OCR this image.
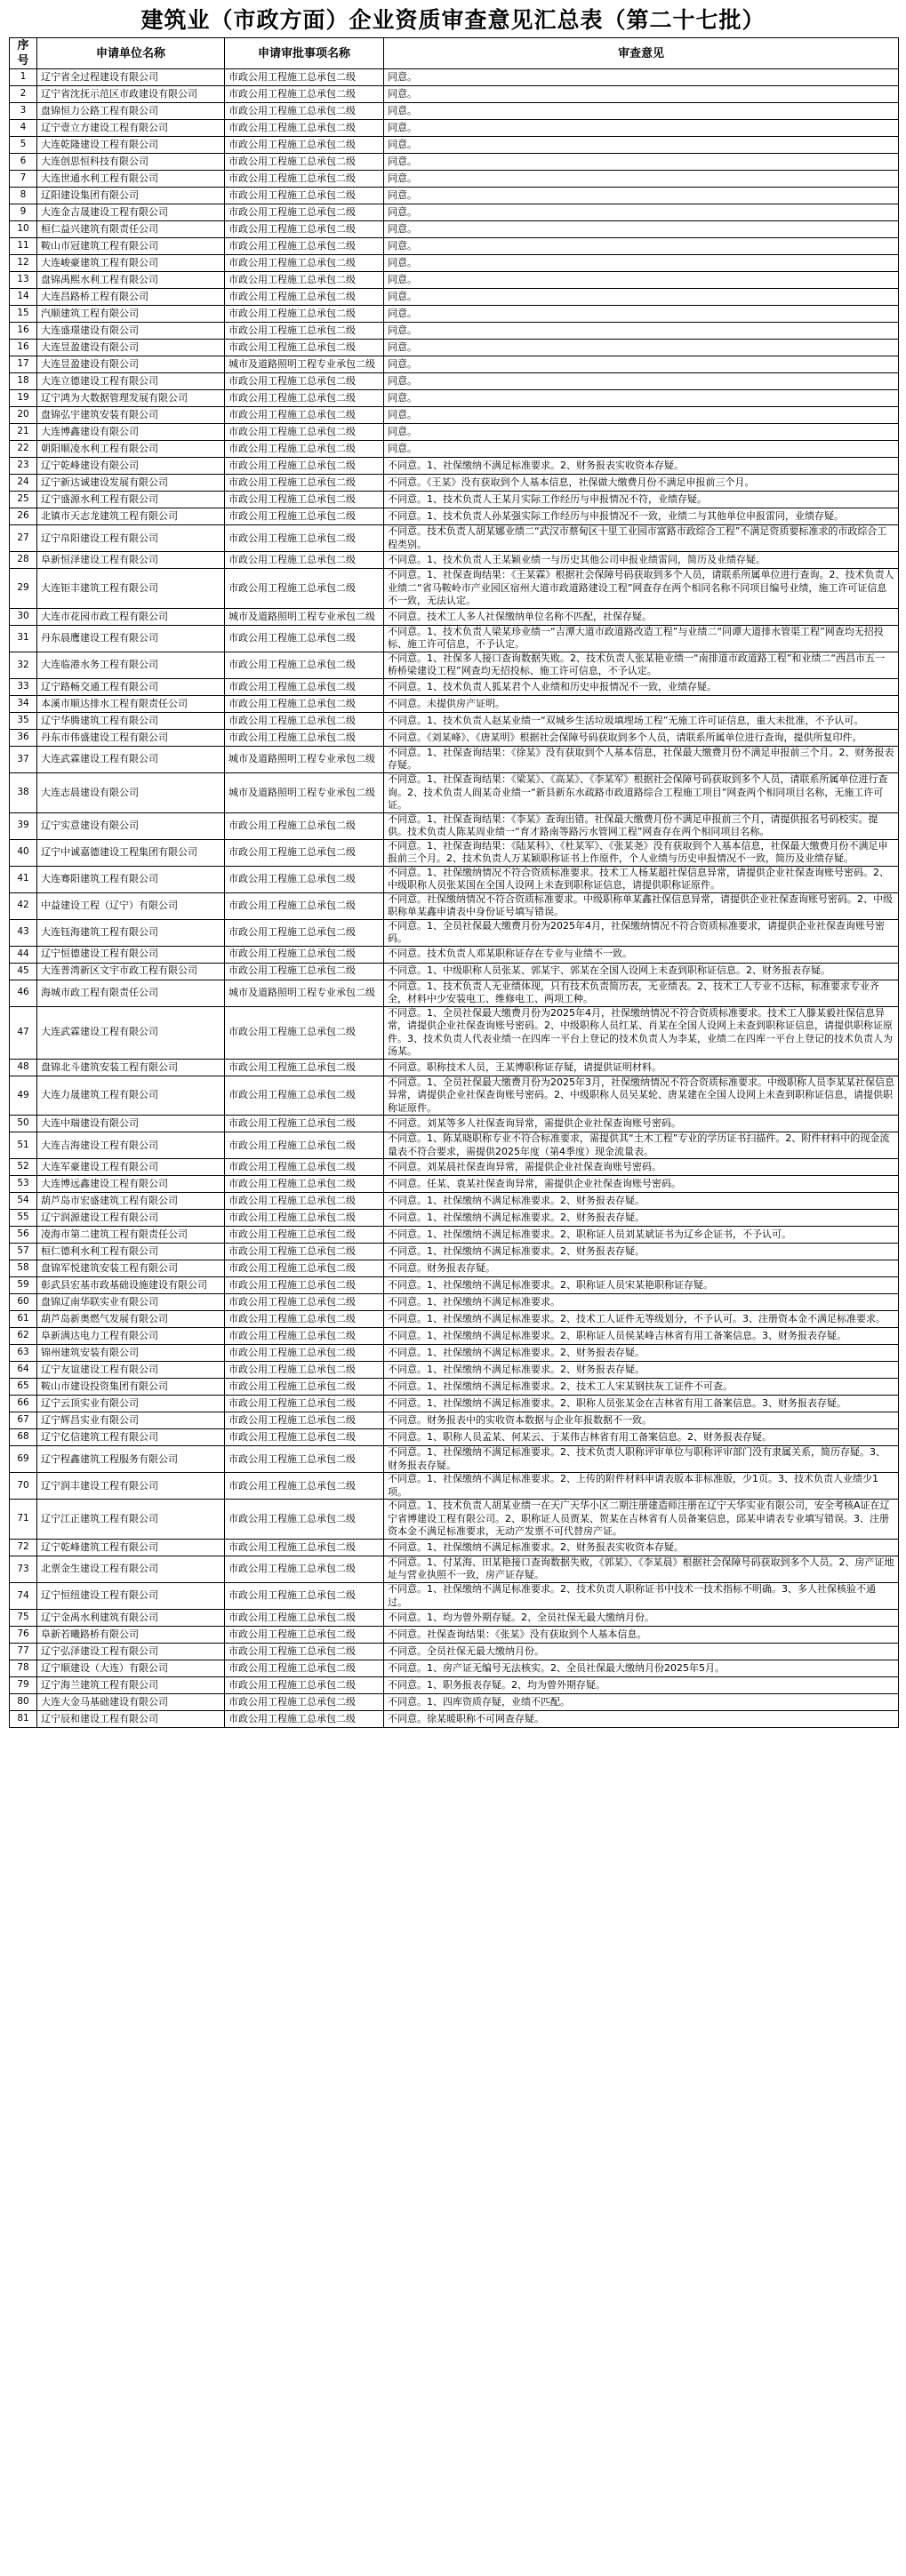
建筑业（市政方面）企业资质审查意见汇总表（第二十七批）
序号	申请单位名称	申请审批事项名称	审查意见
1	辽宁省全过程建设有限公司	市政公用工程施工总承包二级	同意。
2	辽宁省沈抚示范区市政建设有限公司	市政公用工程施工总承包二级	同意。
3	盘锦恒力公路工程有限公司	市政公用工程施工总承包二级	同意。
4	辽宁壹立方建设工程有限公司	市政公用工程施工总承包二级	同意。
5	大连乾隆建设工程有限公司	市政公用工程施工总承包二级	同意。
6	大连创思恒科技有限公司	市政公用工程施工总承包二级	同意。
7	大连世通水利工程有限公司	市政公用工程施工总承包二级	同意。
8	辽阳建设集团有限公司	市政公用工程施工总承包二级	同意。
9	大连金吉晟建设工程有限公司	市政公用工程施工总承包二级	同意。
10	桓仁益兴建筑有限责任公司	市政公用工程施工总承包二级	同意。
11	鞍山市冠建筑工程有限公司	市政公用工程施工总承包二级	同意。
12	大连峻豪建筑工程有限公司	市政公用工程施工总承包二级	同意。
13	盘锦禹熙水利工程有限公司	市政公用工程施工总承包二级	同意。
14	大连昌路桥工程有限公司	市政公用工程施工总承包二级	同意。
15	汽顺建筑工程有限公司	市政公用工程施工总承包二级	同意。
16	大连盛璟建设有限公司	市政公用工程施工总承包二级	同意。
16	大连昱盈建设有限公司	市政公用工程施工总承包二级	同意。
17	大连昱盈建设有限公司	城市及道路照明工程专业承包二级	同意。
18	大连立德建设工程有限公司	市政公用工程施工总承包二级	同意。
19	辽宁鸿为大数据管理发展有限公司	市政公用工程施工总承包二级	同意。
20	盘锦弘宇建筑安装有限公司	市政公用工程施工总承包二级	同意。
21	大连博鑫建设有限公司	市政公用工程施工总承包二级	同意。
22	朝阳顺凌水利工程有限公司	市政公用工程施工总承包二级	同意。
23	辽宁乾峰建设有限公司	市政公用工程施工总承包二级	不同意。1、社保缴纳不满足标准要求。2、财务报表实收资本存疑。
24	辽宁新达诚建设发展有限公司	市政公用工程施工总承包二级	不同意。《王某》没有获取到个人基本信息，社保做大缴费月份不满足申报前三个月。
25	辽宁盛源水利工程有限公司	市政公用工程施工总承包二级	不同意。1、技术负责人王某月实际工作经历与申报情况不符，业绩存疑。
26	北镇市天志龙建筑工程有限公司	市政公用工程施工总承包二级	不同意。1、技术负责人孙某强实际工作经历与申报情况不一致，业绩二与其他单位申报雷同，业绩存疑。
27	辽宁帛阳建设工程有限公司	市政公用工程施工总承包二级	不同意。技术负责人胡某娜业绩二“武汉市蔡甸区十里工业园市富路市政综合工程”不满足资质要标准求的市政综合工程类别。
28	阜新恒泽建设工程有限公司	市政公用工程施工总承包二级	不同意。1、技术负责人王某颖业绩一与历史其他公司申报业绩雷同，简历及业绩存疑。
29	大连钜丰建筑工程有限公司	市政公用工程施工总承包二级	不同意。1、社保查询结果：《王某霖》根据社会保障号码获取到多个人员，请联系所属单位进行查询。2、技术负责人业绩二“省马鞍岭市产业园区宿州大道市政道路建设工程”网查存在两个相同名称不同项目编号业绩，施工许可证信息不一致，无法认定。
30	大连市花园市政工程有限公司	城市及道路照明工程专业承包二级	不同意。技术工人多人社保缴纳单位名称不匹配，社保存疑。
31	丹东晨鹰建设工程有限公司	市政公用工程施工总承包二级	不同意。1、技术负责人梁某珍业绩一“吉潭大道市政道路改造工程”与业绩二“同谭大道排水管渠工程”网查均无招投标、施工许可信息，不予认定。
32	大连临港水务工程有限公司	市政公用工程施工总承包二级	不同意。1、社保多人接口查询数据失败。2、技术负责人张某艳业绩一“南排道市政道路工程”和业绩二“西昌市五一桥桥梁建设工程”网查均无招投标、施工许可信息，不予认定。
33	辽宁路畅交通工程有限公司	市政公用工程施工总承包二级	不同意。1、技术负责人狐某君个人业绩和历史申报情况不一致，业绩存疑。
34	本溪市顺达排水工程有限责任公司	市政公用工程施工总承包二级	不同意。未提供房产证明。
35	辽宁华腾建筑工程有限公司	市政公用工程施工总承包二级	不同意。1、技术负责人赵某业绩一“双城乡生活垃圾填埋场工程”无施工许可证信息，重大未批准，不予认可。
36	丹东市伟盛建设工程有限公司	市政公用工程施工总承包二级	不同意。《刘某峰》、《唐某明》根据社会保障号码获取到多个人员，请联系所属单位进行查询，提供所复印件。
37	大连武霖建设工程有限公司	城市及道路照明工程专业承包二级	不同意。1、社保查询结果：《徐某》没有获取到个人基本信息，社保最大缴费月份不满足申报前三个月。2、财务报表存疑。
38	大连志晨建设有限公司	城市及道路照明工程专业承包二级	不同意。1、社保查询结果：《梁某》、《高某》、《李某军》根据社会保障号码获取到多个人员，请联系所属单位进行查询。2、技术负责人阎某奇业绩一“新县新东水疏路市政道路综合工程施工项目”网查两个相同项目名称，无施工许可证。
39	辽宁实意建设有限公司	市政公用工程施工总承包二级	不同意。1、社保查询结果：《李某》查询出错。社保最大缴费月份不满足申报前三个月，请提供报名号码校实。提供。技术负责人陈某周业绩一“育才路南等路污水管网工程”网查存在两个相同项目名称。
40	辽宁中诚嘉德建设工程集团有限公司	市政公用工程施工总承包二级	不同意。1、社保查询结果：《陆某科》、《杜某军》、《张某尧》没有获取到个人基本信息，社保最大缴费月份不满足申报前三个月。2、技术负责人万某颖职称证书上作原件，个人业绩与历史申报情况不一致，简历及业绩存疑。
41	大连骞阳建筑工程有限公司	市政公用工程施工总承包二级	不同意。1、社保缴纳情况不符合资质标准要求。技术工人杨某超社保信息异常，请提供企业社保查询账号密码。2、中级职称人员张某国在全国人设网上未查到职称证信息，请提供职称证原件。
42	中益建设工程（辽宁）有限公司	市政公用工程施工总承包二级	不同意。社保缴纳情况不符合资质标准要求。中级职称单某鑫社保信息异常，请提供企业社保查询账号密码。2、中级职称单某鑫申请表中身份证号填写错误。
43	大连钰海建筑工程有限公司	市政公用工程施工总承包二级	不同意。1、全员社保最大缴费月份为2025年4月，社保缴纳情况不符合资质标准要求，请提供企业社保查询账号密码。
44	辽宁恒德建设工程有限公司	市政公用工程施工总承包二级	不同意。技术负责人邓某职称证存在专业与业绩不一致。
45	大连普湾新区文宇市政工程有限公司	市政公用工程施工总承包二级	不同意。1、中级职称人员张某、郭某宇、郭某在全国人设网上未查到职称证信息。2、财务报表存疑。
46	海城市政工程有限责任公司	城市及道路照明工程专业承包二级	不同意。1、技术负责人无业绩体现，只有技术负责简历表，无业绩表。2、技术工人专业不达标，标准要求专业齐全，材料中少安装电工、维修电工、两项工种。
47	大连武霖建设工程有限公司	市政公用工程施工总承包二级	不同意。1、全员社保最大缴费月份为2025年4月，社保缴纳情况不符合资质标准要求。技术工人滕某毅社保信息异常，请提供企业社保查询账号密码。2、中级职称人员红某、肖某在全国人设网上未查到职称证信息，请提供职称证原件。3、技术负责人代表业绩一在四库一平台上登记的技术负责人为李某，业绩二在四库一平台上登记的技术负责人为汤某。
48	盘锦北斗建筑安装工程有限公司	市政公用工程施工总承包二级	不同意。职称技术人员，王某博职称证存疑，请提供证明材料。
49	大连力晟建筑工程有限公司	市政公用工程施工总承包二级	不同意。1、全员社保最大缴费月份为2025年3月，社保缴纳情况不符合资质标准要求。中级职称人员李某某社保信息异常，请提供企业社保查询账号密码。2、中级职称人员吴某轮、唐某建在全国人设网上未查到职称证信息，请提供职称证原件。
50	大连中瑞建设有限公司	市政公用工程施工总承包二级	不同意。刘某等多人社保查询异常，需提供企业社保查询账号密码。
51	大连吉海建设工程有限公司	市政公用工程施工总承包二级	不同意。1、陈某晓职称专业不符合标准要求，需提供其“土木工程”专业的学历证书扫描件。2、附件材料中的现金流量表不符合要求，需提供2025年度（第4季度）现金流量表。
52	大连军豪建设工程有限公司	市政公用工程施工总承包二级	不同意。刘某晨社保查询异常，需提供企业社保查询账号密码。
53	大连博远鑫建设工程有限公司	市政公用工程施工总承包二级	不同意。任某、袁某社保查询异常，需提供企业社保查询账号密码。
54	葫芦岛市宏盛建筑工程有限公司	市政公用工程施工总承包二级	不同意。1、社保缴纳不满足标准要求。2、财务报表存疑。
55	辽宁润源建设工程有限公司	市政公用工程施工总承包二级	不同意。1、社保缴纳不满足标准要求。2、财务报表存疑。
56	凌海市第二建筑工程有限责任公司	市政公用工程施工总承包二级	不同意。1、社保缴纳不满足标准要求。2、职称证人员刘某斌证书为辽乡企证书，不予认可。
57	桓仁德利水利工程有限公司	市政公用工程施工总承包二级	不同意。1、社保缴纳不满足标准要求。2、财务报表存疑。
58	盘锦军悦建筑安装工程有限公司	市政公用工程施工总承包二级	不同意。财务报表存疑。
59	彰武县宏基市政基础设施建设有限公司	市政公用工程施工总承包二级	不同意。1、社保缴纳不满足标准要求。2、职称证人员宋某艳职称证存疑。
60	盘锦辽南华联实业有限公司	市政公用工程施工总承包二级	不同意。1、社保缴纳不满足标准要求。
61	葫芦岛新奥燃气发展有限公司	市政公用工程施工总承包二级	不同意。1、社保缴纳不满足标准要求。2、技术工人证件无等级划分，不予认可。3、注册资本金不满足标准要求。
62	阜新满达电力工程有限公司	市政公用工程施工总承包二级	不同意。1、社保缴纳不满足标准要求。2、职称证人员侯某峰吉林省有用工备案信息。3、财务报表存疑。
63	锦州建筑安装有限公司	市政公用工程施工总承包二级	不同意。1、社保缴纳不满足标准要求。2、财务报表存疑。
64	辽宁友谊建设工程有限公司	市政公用工程施工总承包二级	不同意。1、社保缴纳不满足标准要求。2、财务报表存疑。
65	鞍山市建设投资集团有限公司	市政公用工程施工总承包二级	不同意。1、社保缴纳不满足标准要求。2、技术工人宋某钢扶灰工证件不可查。
66	辽宁云顶实业有限公司	市政公用工程施工总承包二级	不同意。1、社保缴纳不满足标准要求。2、职称人员张某金在吉林省有用工备案信息。3、财务报表存疑。
67	辽宁辉昌实业有限公司	市政公用工程施工总承包二级	不同意。财务报表中的实收资本数据与企业年报数据不一致。
68	辽宁亿信建筑工程有限公司	市政公用工程施工总承包二级	不同意。1、职称人员孟某、何某云、于某伟吉林省有用工备案信息。2、财务报表存疑。
69	辽宁程鑫建筑工程服务有限公司	市政公用工程施工总承包二级	不同意。1、社保缴纳不满足标准要求。2、技术负责人职称评审单位与职称评审部门没有隶属关系，简历存疑。3、财务报表存疑。
70	辽宁润丰建设工程有限公司	市政公用工程施工总承包二级	不同意。1、社保缴纳不满足标准要求。2、上传的附件材料申请表版本非标准版，少1页。3、技术负责人业绩少1项。
71	辽宁江正建筑工程有限公司	市政公用工程施工总承包二级	不同意。1、技术负责人胡某业绩一在天广天华小区二期注册建造师注册在辽宁天华实业有限公司，安全考核A证在辽宁省博建设工程有限公司。2、职称证人员贾某、贺某在吉林省有人员备案信息，邱某申请表专业填写错误。3、注册资本金不满足标准要求，无动产发票不可代替房产证。
72	辽宁乾峰建筑工程有限公司	市政公用工程施工总承包二级	不同意。1、社保缴纳不满足标准要求。2、财务报表实收资本存疑。
73	北票金生建设工程有限公司	市政公用工程施工总承包二级	不同意。1、付某海、田某艳接口查询数据失败，《郭某》、《李某晨》根据社会保障号码获取到多个人员。2、房产证地址与营业执照不一致，房产证存疑。
74	辽宁恒纽建设工程有限公司	市政公用工程施工总承包二级	不同意。1、社保缴纳不满足标准要求。2、技术负责人职称证书中技术一技术指标不明确。3、多人社保核验不通过。
75	辽宁金禹水利建筑有限公司	市政公用工程施工总承包二级	不同意。1、均为曾外期存疑。2、全员社保无最大缴纳月份。
76	阜新若曦路桥有限公司	市政公用工程施工总承包二级	不同意。社保查询结果：《张某》没有获取到个人基本信息。
77	辽宁弘泽建设工程有限公司	市政公用工程施工总承包二级	不同意。全员社保无最大缴纳月份。
78	辽宁顺建设（大连）有限公司	市政公用工程施工总承包二级	不同意。1、房产证无编号无法核实。2、全员社保最大缴纳月份2025年5月。
79	辽宁海兰建筑工程有限公司	市政公用工程施工总承包二级	不同意。1、职务报表存疑。2、均为曾外期存疑。
80	大连大金马基础建设有限公司	市政公用工程施工总承包二级	不同意。1、四库资质存疑，业绩不匹配。
81	辽宁辰和建设工程有限公司	市政公用工程施工总承包二级	不同意。徐某暖职称不可网查存疑。
